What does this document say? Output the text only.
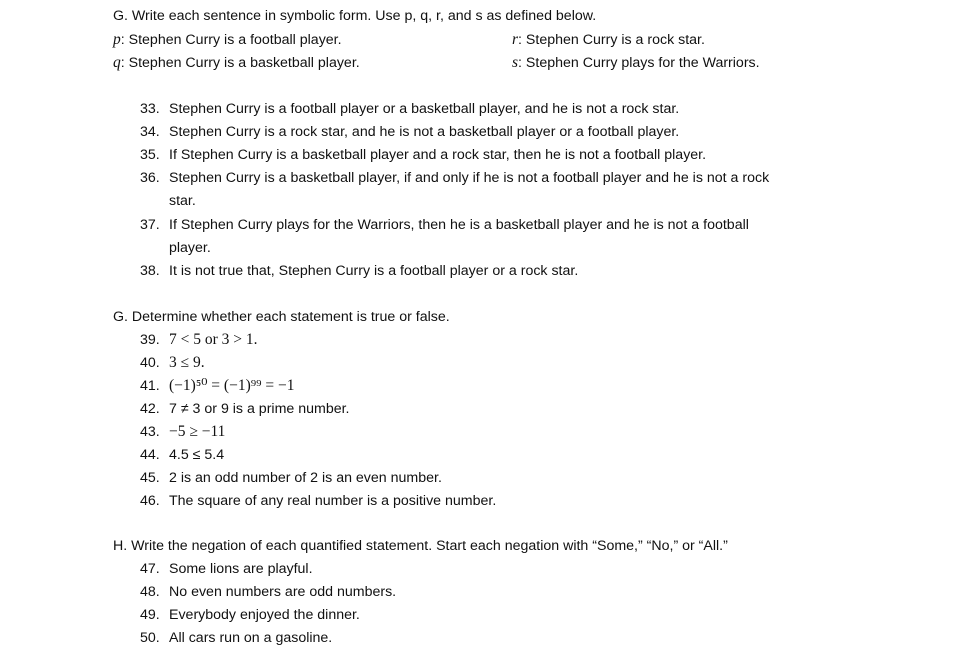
G. Write each sentence in symbolic form. Use p, q, r, and s as defined below.
p: Stephen Curry is a football player.
q: Stephen Curry is a basketball player.
r: Stephen Curry is a rock star.
s: Stephen Curry plays for the Warriors.
33. Stephen Curry is a football player or a basketball player, and he is not a rock star.
34. Stephen Curry is a rock star, and he is not a basketball player or a football player.
35. If Stephen Curry is a basketball player and a rock star, then he is not a football player.
36. Stephen Curry is a basketball player, if and only if he is not a football player and he is not a rock
star.
37. If Stephen Curry plays for the Warriors, then he is a basketball player and he is not a football
player.
38. It is not true that, Stephen Curry is a football player or a rock star.
G. Determine whether each statement is true or false.
39. 7 < 5 or 3 > 1.
40. 3 ≤ 9.
41. (−1)⁵⁰ = (−1)⁹⁹ = −1
42. 7 ≠ 3 or 9 is a prime number.
43. −5 ≥ −11
44. 4.5 ≤ 5.4
45. 2 is an odd number of 2 is an even number.
46. The square of any real number is a positive number.
H. Write the negation of each quantified statement. Start each negation with “Some,” “No,” or “All.”
47. Some lions are playful.
48. No even numbers are odd numbers.
49. Everybody enjoyed the dinner.
50. All cars run on a gasoline.
